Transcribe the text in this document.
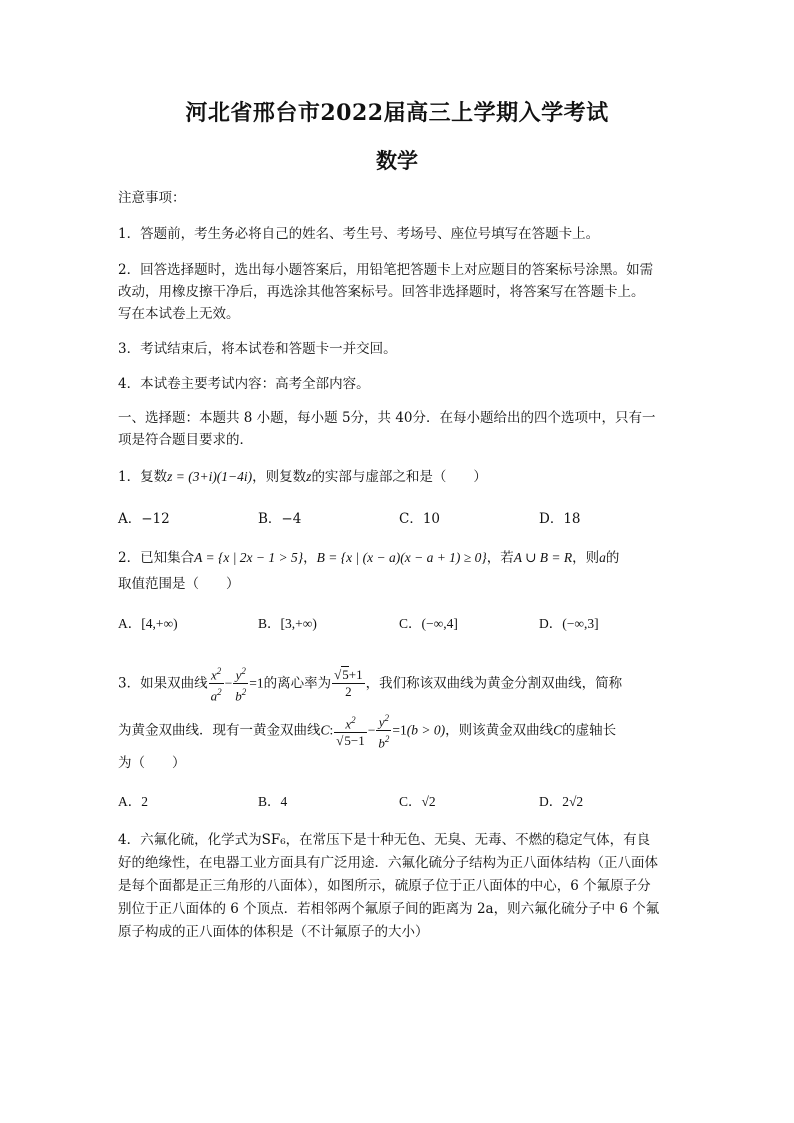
河北省邢台市2022届高三上学期入学考试
数学
注意事项：
1．答题前，考生务必将自己的姓名、考生号、考场号、座位号填写在答题卡上。
2．回答选择题时，选出每小题答案后，用铅笔把答题卡上对应题目的答案标号涂黑。如需
改动，用橡皮擦干净后，再选涂其他答案标号。回答非选择题时，将答案写在答题卡上。
写在本试卷上无效。
3．考试结束后，将本试卷和答题卡一并交回。
4．本试卷主要考试内容：高考全部内容。
一、选择题：本题共 8 小题，每小题 5分，共 40分．在每小题给出的四个选项中，只有一
项是符合题目要求的．
1．复数z = (3+i)(1−4i)，则复数z的实部与虚部之和是（　　）
A．−12	B．−4	C．10	D．18
2．已知集合A = {x | 2x − 1 > 5}，B = {x | (x − a)(x − a + 1) ≥ 0}，若A ∪ B = R，则a的
取值范围是（　　）
A．[4,+∞)	B．[3,+∞)	C．(−∞,4]	D．(−∞,3]
3．如果双曲线 $\frac{x^2}{a^2} - \frac{y^2}{b^2} =1$的离心率为 $\frac{√5+1}{2}$ ，我们称该双曲线为黄金分割双曲线，简称
为黄金双曲线．现有一黄金双曲线C: $\frac{x^2}{√5-1} - \frac{y^2}{b^2} =1(b > 0)$，则该黄金双曲线C的虚轴长
为（　　）
A．2	B．4	C．√2	D．2√2
4．六氟化硫，化学式为SF₆，在常压下是十种无色、无臭、无毒、不燃的稳定气体，有良
好的绝缘性，在电器工业方面具有广泛用途．六氟化硫分子结构为正八面体结构（正八面体
是每个面都是正三角形的八面体），如图所示，硫原子位于正八面体的中心，6 个氟原子分
别位于正八面体的 6 个顶点．若相邻两个氟原子间的距离为 2a，则六氟化硫分子中 6 个氟
原子构成的正八面体的体积是（不计氟原子的大小）
